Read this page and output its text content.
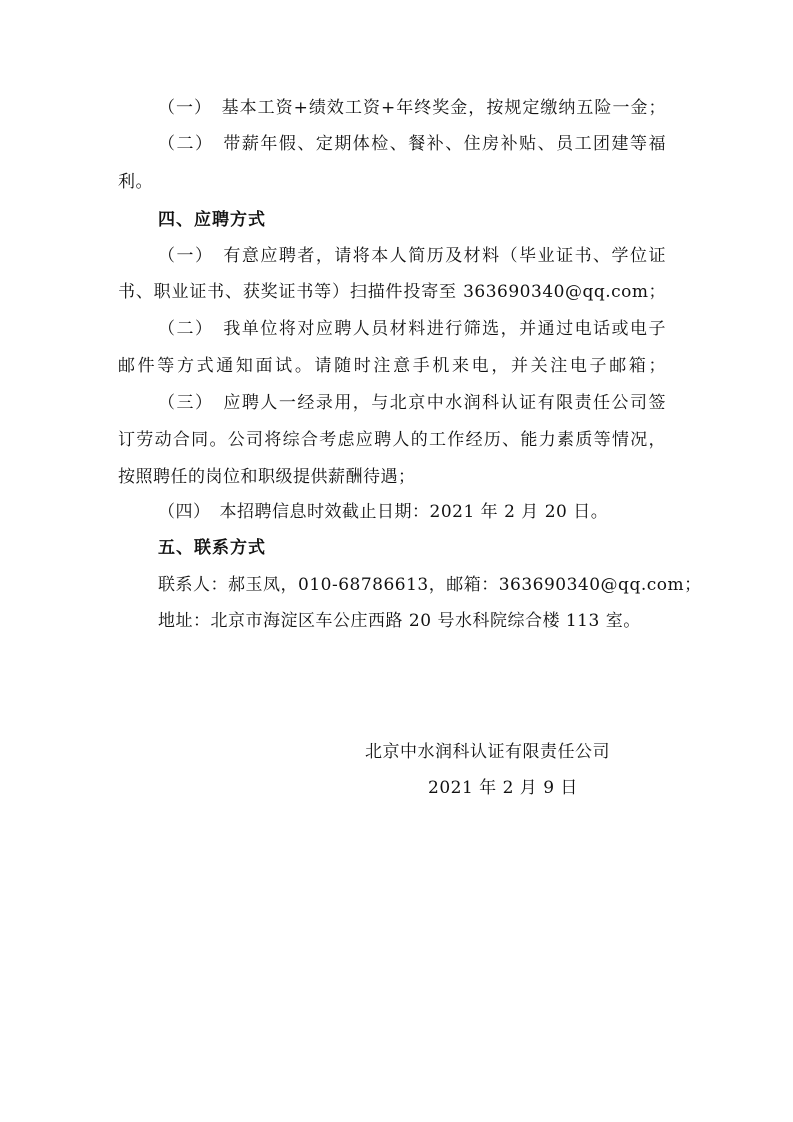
（一）　基本工资+绩效工资+年终奖金，按规定缴纳五险一金；
（二）　带薪年假、定期体检、餐补、住房补贴、员工团建等福
利。
四、应聘方式
（一）　有意应聘者，请将本人简历及材料（毕业证书、学位证
书、职业证书、获奖证书等）扫描件投寄至 363690340@qq.com；
（二）　我单位将对应聘人员材料进行筛选，并通过电话或电子
邮件等方式通知面试。请随时注意手机来电，并关注电子邮箱；
（三）　应聘人一经录用，与北京中水润科认证有限责任公司签
订劳动合同。公司将综合考虑应聘人的工作经历、能力素质等情况，
按照聘任的岗位和职级提供薪酬待遇；
（四）　本招聘信息时效截止日期：2021 年 2 月 20 日。
五、联系方式
联系人：郝玉凤，010-68786613，邮箱：363690340@qq.com；
地址：北京市海淀区车公庄西路 20 号水科院综合楼 113 室。
北京中水润科认证有限责任公司
2021 年 2 月 9 日
